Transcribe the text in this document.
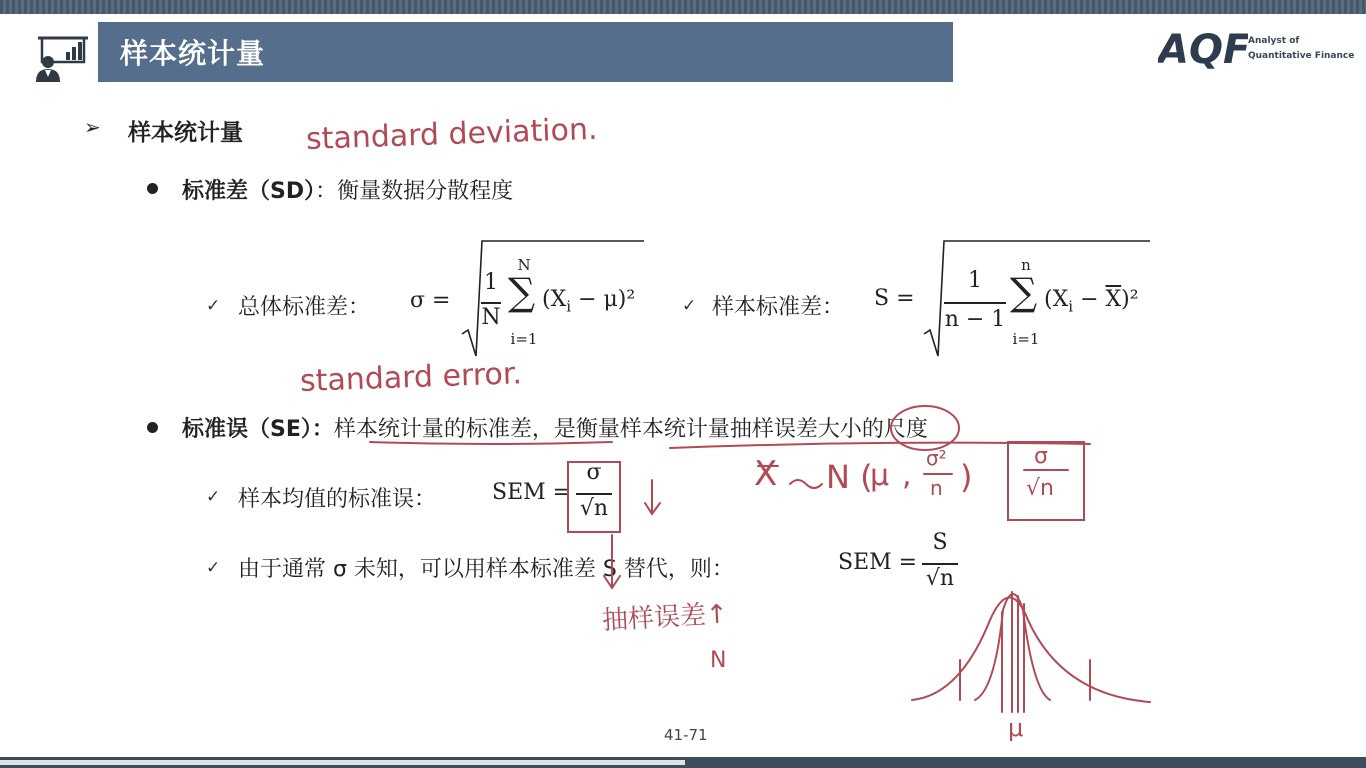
样本统计量	AQF
Analyst of
Quantitative Finance
➢ 样本统计量
标准差（SD）：衡量数据分散程度
✓ 总体标准差： σ =
1
N
N
∑
i=1
$(X_i - \mu)^2$	✓ 样本标准差： S =
1
n − 1
n
∑
i=1
$(X_i - \overline{X})^2$
标准误（SE）：样本统计量的标准差，是衡量样本统计量抽样误差大小的尺度
✓ 样本均值的标准误：	SEM =
σ
√n
✓ 由于通常 σ 未知，可以用样本标准差 S 替代，则：	SEM =
S
√n
standard deviation.
standard error.
X N (
μ , σ²
n )
σ
√n
抽样误差↑
N
μ
41-71
